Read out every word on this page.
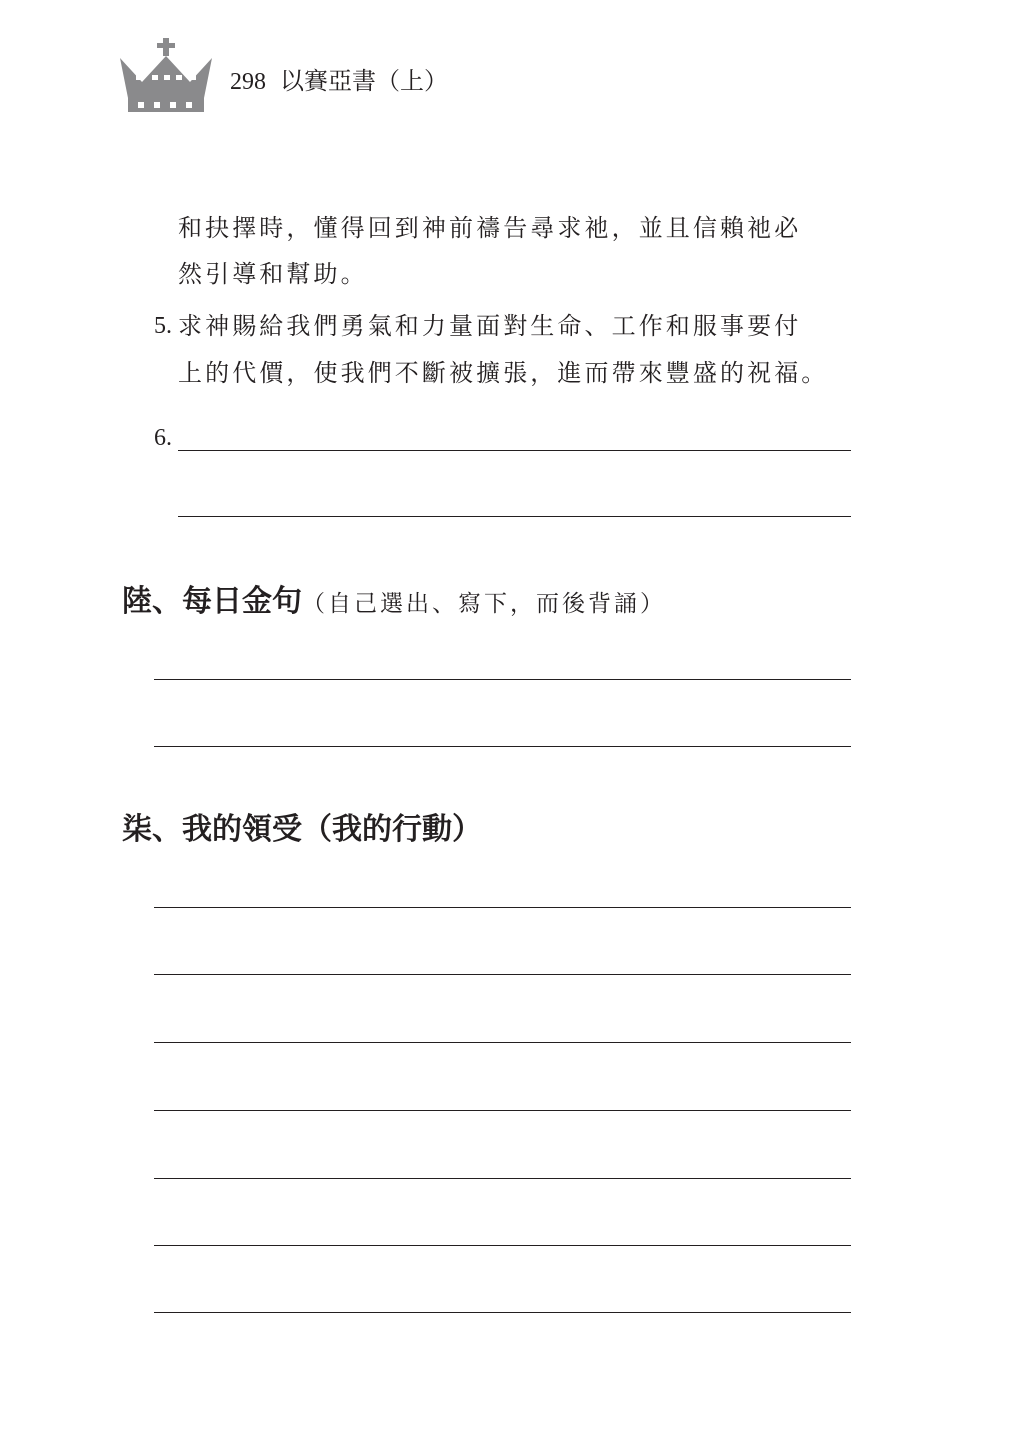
298 以賽亞書（上）
和抉擇時，懂得回到神前禱告尋求祂，並且信賴祂必
然引導和幫助。
5. 求神賜給我們勇氣和力量面對生命、工作和服事要付
上的代價，使我們不斷被擴張，進而帶來豐盛的祝福。
6.
陸、每日金句（自己選出、寫下，而後背誦）
柒、我的領受（我的行動）
